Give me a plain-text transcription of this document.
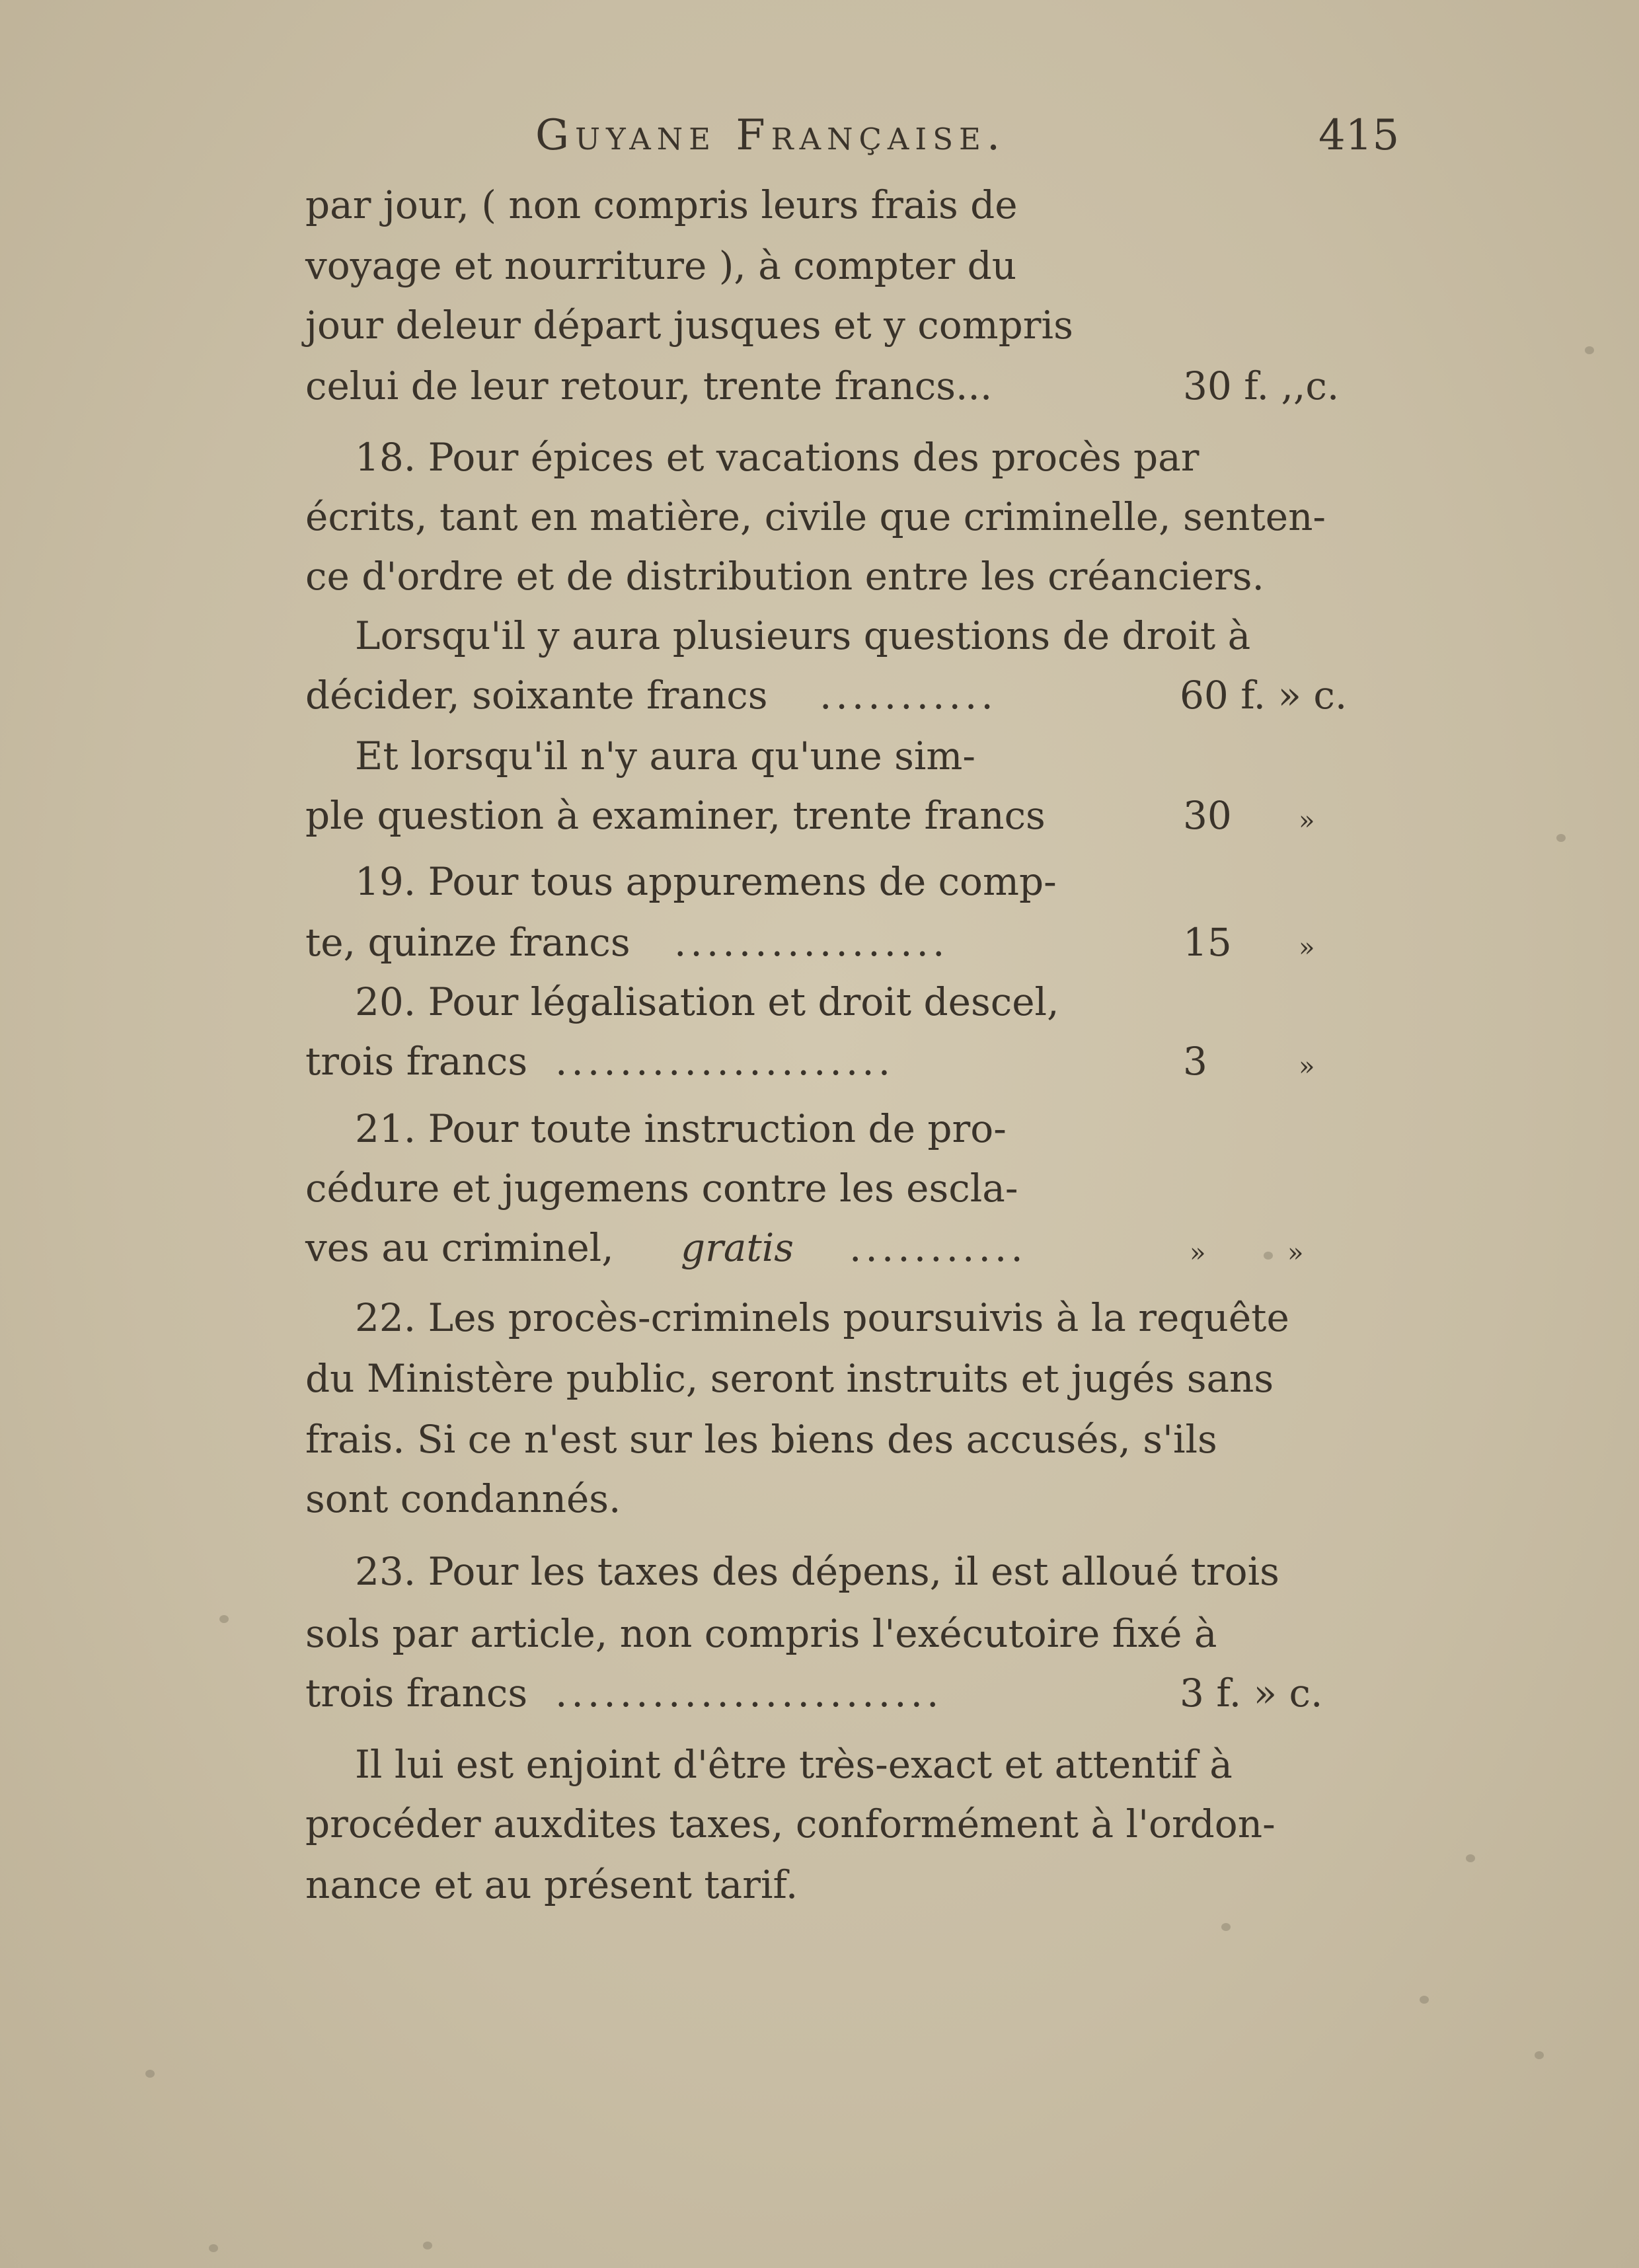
Guyane Française.	415
par jour, ( non compris leurs frais de
voyage et nourriture ), à compter du
jour deleur départ jusques et y compris
celui de leur retour, trente francs...	30 f. ,,c.
18. Pour épices et vacations des procès par
écrits, tant en matière, civile que criminelle, senten-
ce d'ordre et de distribution entre les créanciers.
Lorsqu'il y aura plusieurs questions de droit à
décider, soixante francs ...........	60 f. » c.
Et lorsqu'il n'y aura qu'une sim-
ple question à examiner, trente francs	30	»
19. Pour tous appuremens de comp-
te, quinze francs .................	15	»
20. Pour légalisation et droit descel,
trois francs .....................	3	»
21. Pour toute instruction de pro-
cédure et jugemens contre les escla-
ves au criminel, gratis ...........	»	»
22. Les procès-criminels poursuivis à la requête
du Ministère public, seront instruits et jugés sans
frais. Si ce n'est sur les biens des accusés, s'ils
sont condannés.
23. Pour les taxes des dépens, il est alloué trois
sols par article, non compris l'exécutoire fixé à
trois francs ........................	3 f. » c.
Il lui est enjoint d'être très-exact et attentif à
procéder auxdites taxes, conformément à l'ordon-
nance et au présent tarif.
